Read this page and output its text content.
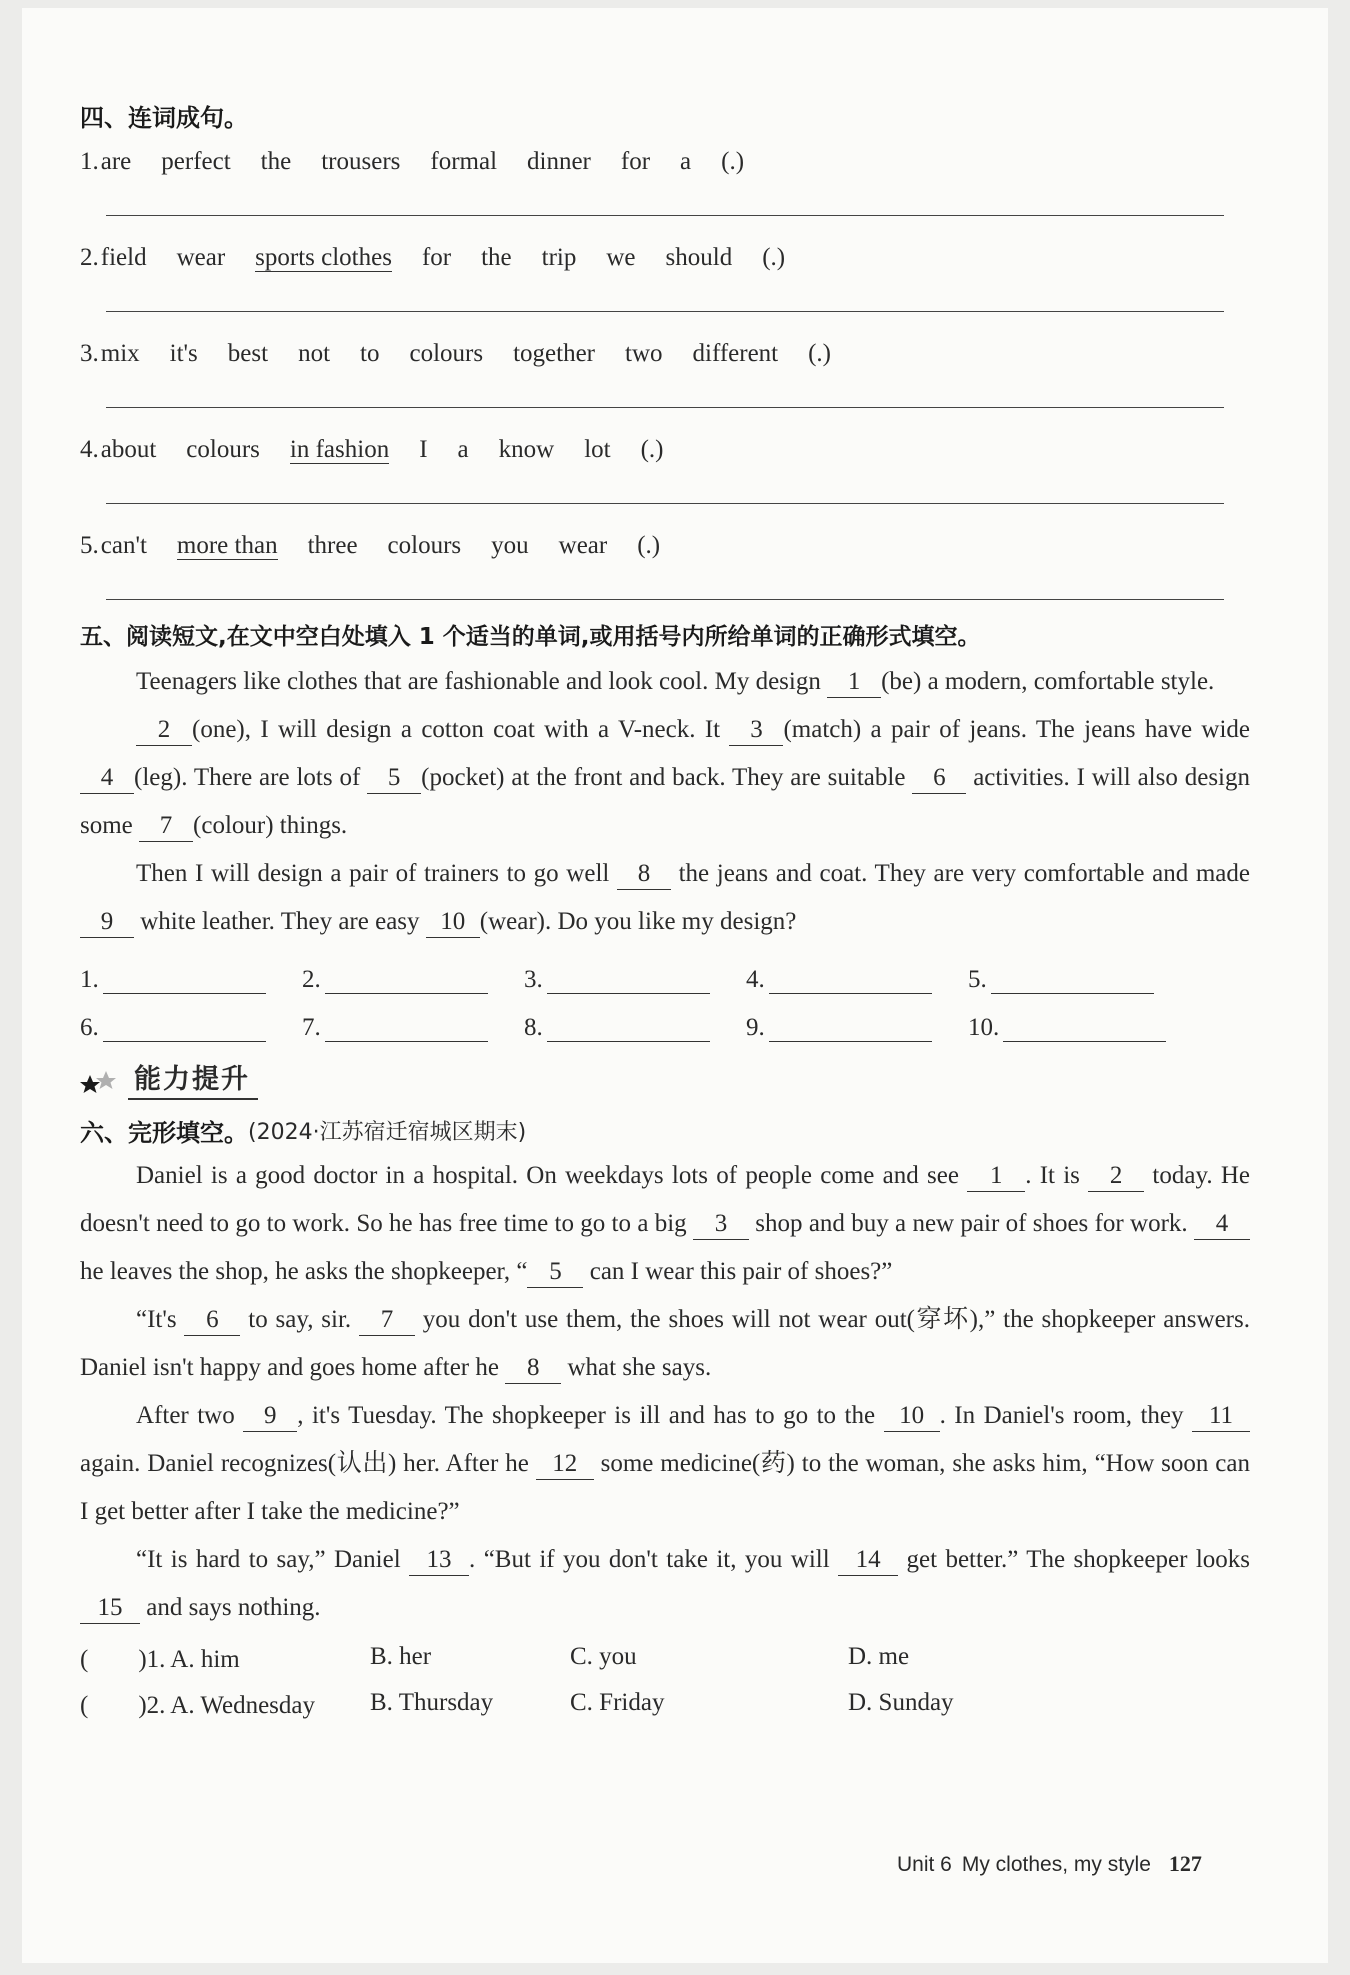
四、连词成句。
1. are perfect the trousers formal dinner for a (.)
2. field wear sports clothes for the trip we should (.)
3. mix it's best not to colours together two different (.)
4. about colours in fashion I a know lot (.)
5. can't more than three colours you wear (.)
五、阅读短文,在文中空白处填入 1 个适当的单词,或用括号内所给单词的正确形式填空。
Teenagers like clothes that are fashionable and look cool. My design 1 (be) a modern, comfortable style.
2 (one), I will design a cotton coat with a V-neck. It 3 (match) a pair of jeans. The jeans have wide 4 (leg). There are lots of 5 (pocket) at the front and back. They are suitable 6 activities. I will also design some 7 (colour) things.
Then I will design a pair of trainers to go well 8 the jeans and coat. They are very comfortable and made 9 white leather. They are easy 10 (wear). Do you like my design?
1.	2.	3.	4.	5.
6.	7.	8.	9.	10.
能力提升
六、完形填空。 (2024·江苏宿迁宿城区期末)
Daniel is a good doctor in a hospital. On weekdays lots of people come and see 1 . It is 2 today. He doesn't need to go to work. So he has free time to go to a big 3 shop and buy a new pair of shoes for work. 4 he leaves the shop, he asks the shopkeeper, “ 5 can I wear this pair of shoes?”
“It's 6 to say, sir. 7 you don't use them, the shoes will not wear out(穿坏),” the shopkeeper answers. Daniel isn't happy and goes home after he 8 what she says.
After two 9 , it's Tuesday. The shopkeeper is ill and has to go to the 10 . In Daniel's room, they 11 again. Daniel recognizes(认出) her. After he 12 some medicine(药) to the woman, she asks him, “How soon can I get better after I take the medicine?”
“It is hard to say,” Daniel 13 . “But if you don't take it, you will 14 get better.” The shopkeeper looks 15 and says nothing.
(　　)1. A. him	B. her	C. you	D. me
(　　)2. A. Wednesday	B. Thursday	C. Friday	D. Sunday
Unit 6 My clothes, my style 127
